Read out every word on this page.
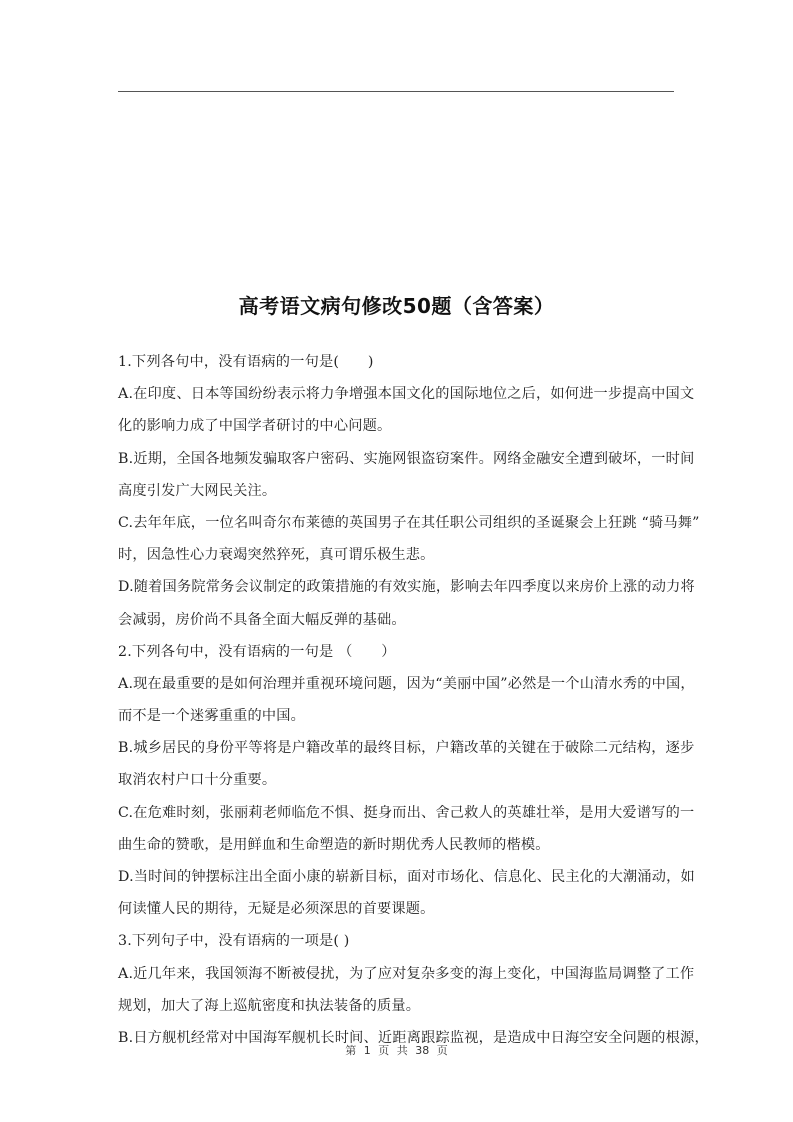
高考语文病句修改50题（含答案）
1.下列各句中，没有语病的一句是(　　)
A.在印度、日本等国纷纷表示将力争增强本国文化的国际地位之后，如何进一步提高中国文
化的影响力成了中国学者研讨的中心问题。
B.近期，全国各地频发骗取客户密码、实施网银盗窃案件。网络金融安全遭到破坏，一时间
高度引发广大网民关注。
C.去年年底，一位名叫奇尔布莱德的英国男子在其任职公司组织的圣诞聚会上狂跳 “骑马舞”
时，因急性心力衰竭突然猝死，真可谓乐极生悲。
D.随着国务院常务会议制定的政策措施的有效实施，影响去年四季度以来房价上涨的动力将
会减弱，房价尚不具备全面大幅反弹的基础。
2.下列各句中，没有语病的一句是 （　　）
A.现在最重要的是如何治理并重视环境问题，因为“美丽中国”必然是一个山清水秀的中国，
而不是一个迷雾重重的中国。
B.城乡居民的身份平等将是户籍改革的最终目标，户籍改革的关键在于破除二元结构，逐步
取消农村户口十分重要。
C.在危难时刻，张丽莉老师临危不惧、挺身而出、舍己救人的英雄壮举，是用大爱谱写的一
曲生命的赞歌，是用鲜血和生命塑造的新时期优秀人民教师的楷模。
D.当时间的钟摆标注出全面小康的崭新目标，面对市场化、信息化、民主化的大潮涌动，如
何读懂人民的期待，无疑是必须深思的首要课题。
3.下列句子中，没有语病的一项是( )
A.近几年来，我国领海不断被侵扰，为了应对复杂多变的海上变化，中国海监局调整了工作
规划，加大了海上巡航密度和执法装备的质量。
B.日方舰机经常对中国海军舰机长时间、近距离跟踪监视，是造成中日海空安全问题的根源，
第 1 页 共 38 页
